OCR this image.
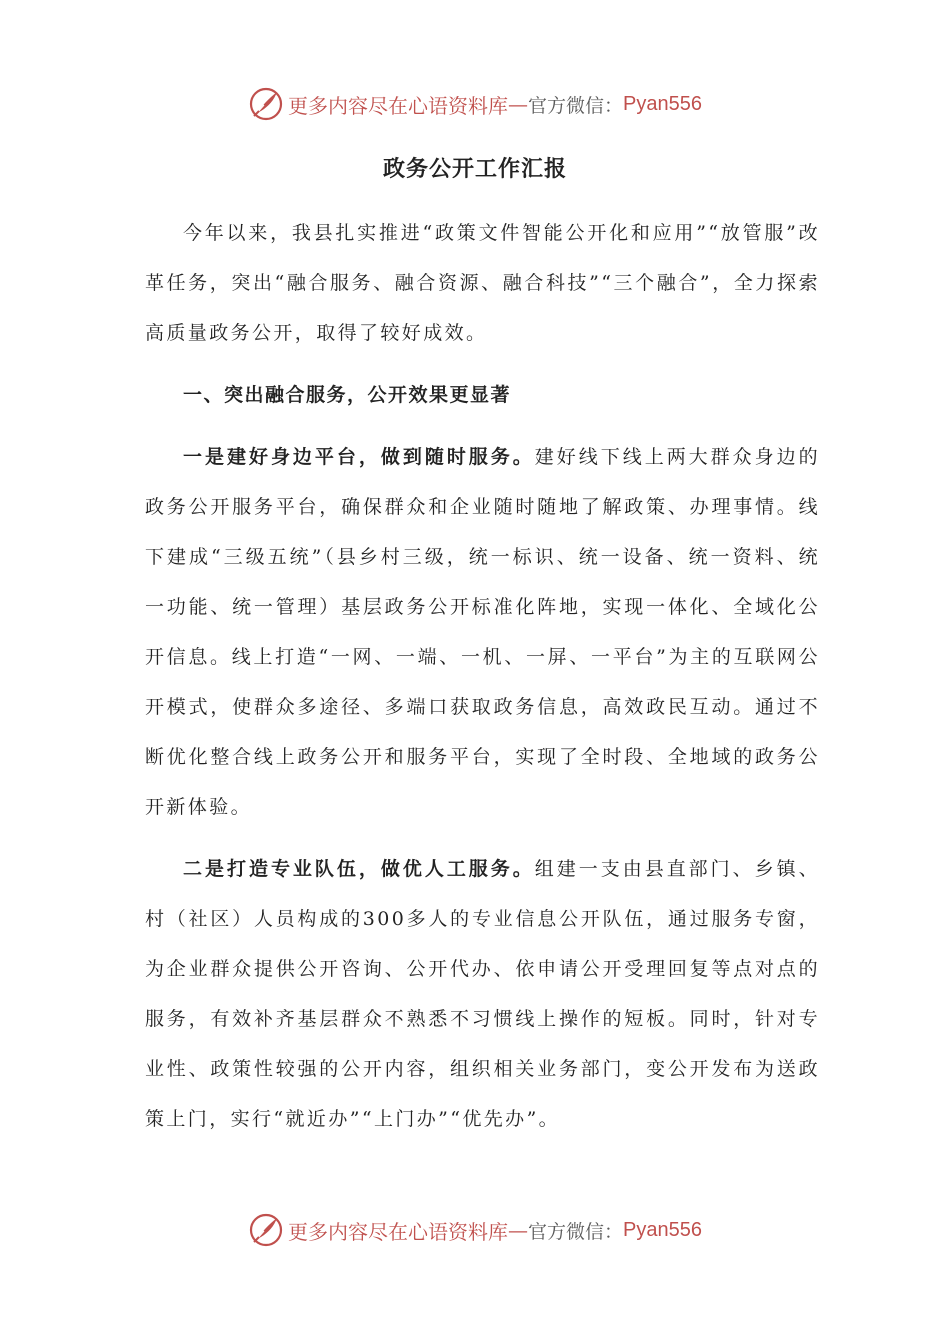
更多内容尽在心语资料库 — 官方微信： Pyan556
政务公开工作汇报

今年以来，我县扎实推进“政策文件智能公开化和应用”“放管服”改革任务，突出“融合服务、融合资源、融合科技”“三个融合”，全力探索高质量政务公开，取得了较好成效。

一、突出融合服务，公开效果更显著

一是建好身边平台，做到随时服务。建好线下线上两大群众身边的政务公开服务平台，确保群众和企业随时随地了解政策、办理事情。线下建成“三级五统”（县乡村三级，统一标识、统一设备、统一资料、统一功能、统一管理）基层政务公开标准化阵地，实现一体化、全域化公开信息。线上打造“一网、一端、一机、一屏、一平台”为主的互联网公开模式，使群众多途径、多端口获取政务信息，高效政民互动。通过不断优化整合线上政务公开和服务平台，实现了全时段、全地域的政务公开新体验。

二是打造专业队伍，做优人工服务。组建一支由县直部门、乡镇、村（社区）人员构成的300多人的专业信息公开队伍，通过服务专窗，为企业群众提供公开咨询、公开代办、依申请公开受理回复等点对点的服务，有效补齐基层群众不熟悉不习惯线上操作的短板。同时，针对专业性、政策性较强的公开内容，组织相关业务部门，变公开发布为送政策上门，实行“就近办”“上门办”“优先办”。

更多内容尽在心语资料库 — 官方微信： Pyan556
